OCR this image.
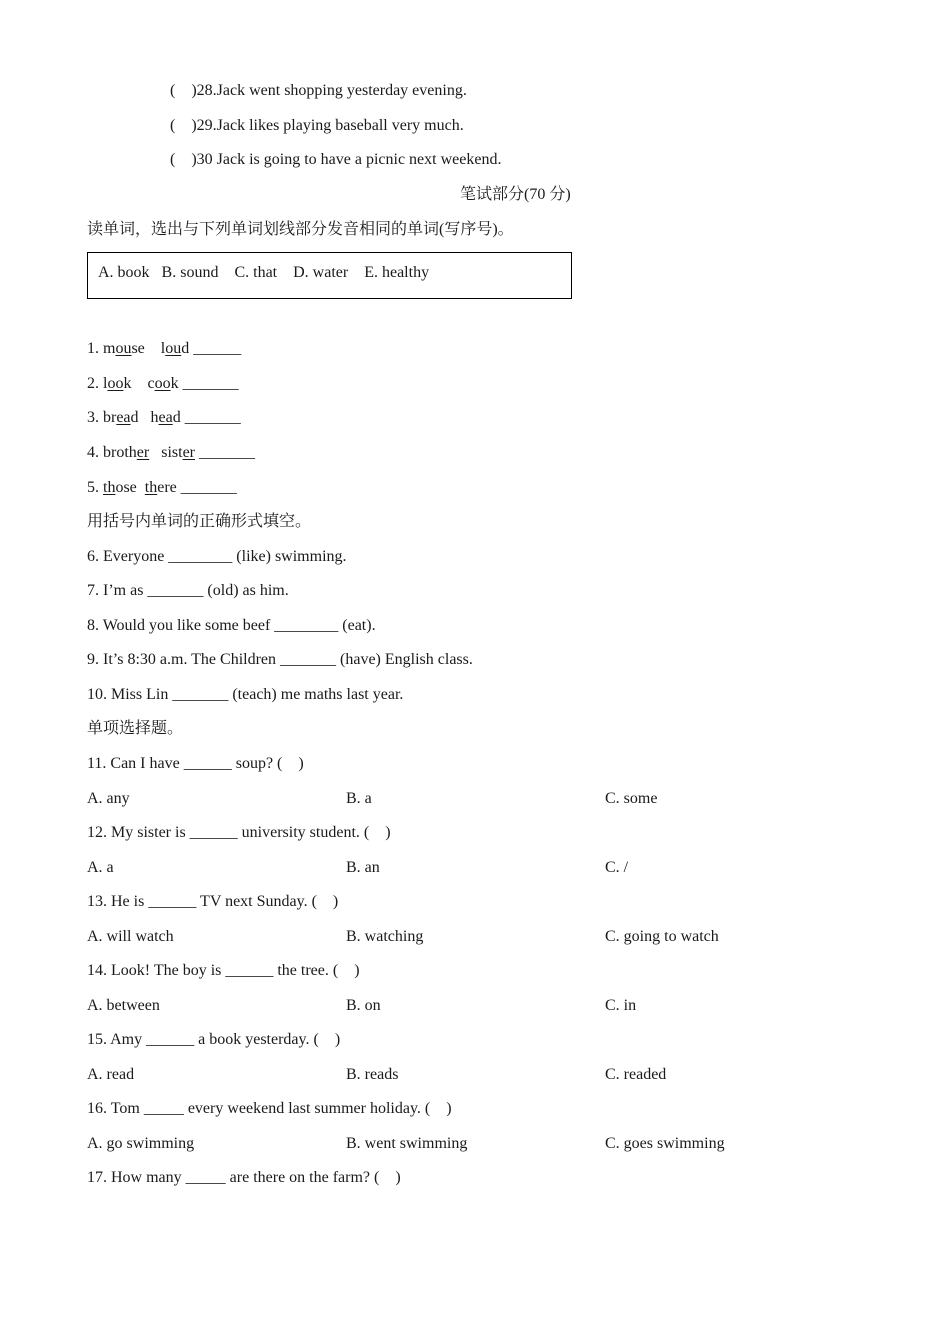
(    )28.Jack went shopping yesterday evening.
(    )29.Jack likes playing baseball very much.
(    )30 Jack is going to have a picnic next weekend.
笔试部分(70 分)
读单词，选出与下列单词划线部分发音相同的单词(写序号)。
A. book   B. sound    C. that    D. water    E. healthy
1. mouse loud ______
2. look cook _______
3. bread head _______
4. brother sister _______
5. those there _______
用括号内单词的正确形式填空。
6. Everyone ________ (like) swimming.
7. I’m as _______ (old) as him.
8. Would you like some beef ________ (eat).
9. It’s 8:30 a.m. The Children _______ (have) English class.
10. Miss Lin _______ (teach) me maths last year.
单项选择题。
11. Can I have ______ soup? (    )
A. any	B. a	C. some
12. My sister is ______ university student. (    )
A. a	B. an	C. /
13. He is ______ TV next Sunday. (    )
A. will watch	B. watching	C. going to watch
14. Look! The boy is ______ the tree. (    )
A. between	B. on	C. in
15. Amy ______ a book yesterday. (    )
A. read	B. reads	C. readed
16. Tom _____ every weekend last summer holiday. (    )
A. go swimming	B. went swimming	C. goes swimming
17. How many _____ are there on the farm? (    )
